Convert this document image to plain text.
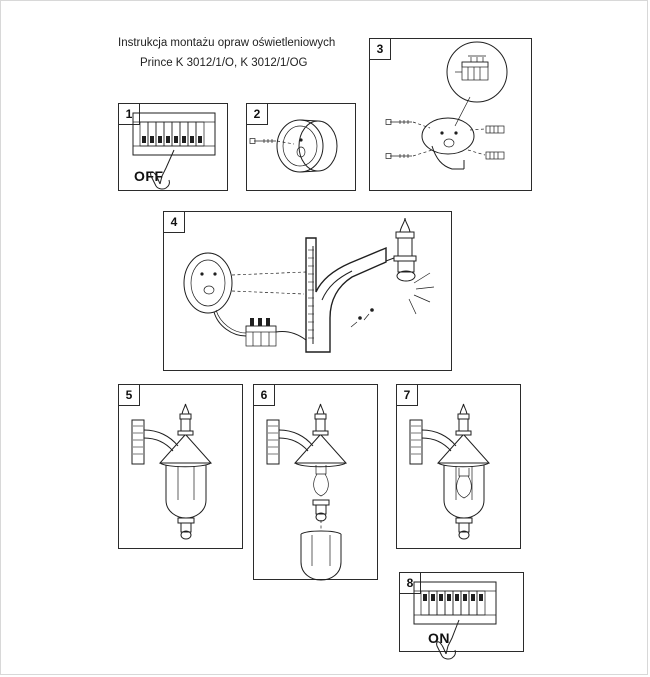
Instrukcja montażu opraw oświetleniowych
Prince K 3012/1/O, K 3012/1/OG
1	2
3
4
5	6	7
8
OFF
ON
